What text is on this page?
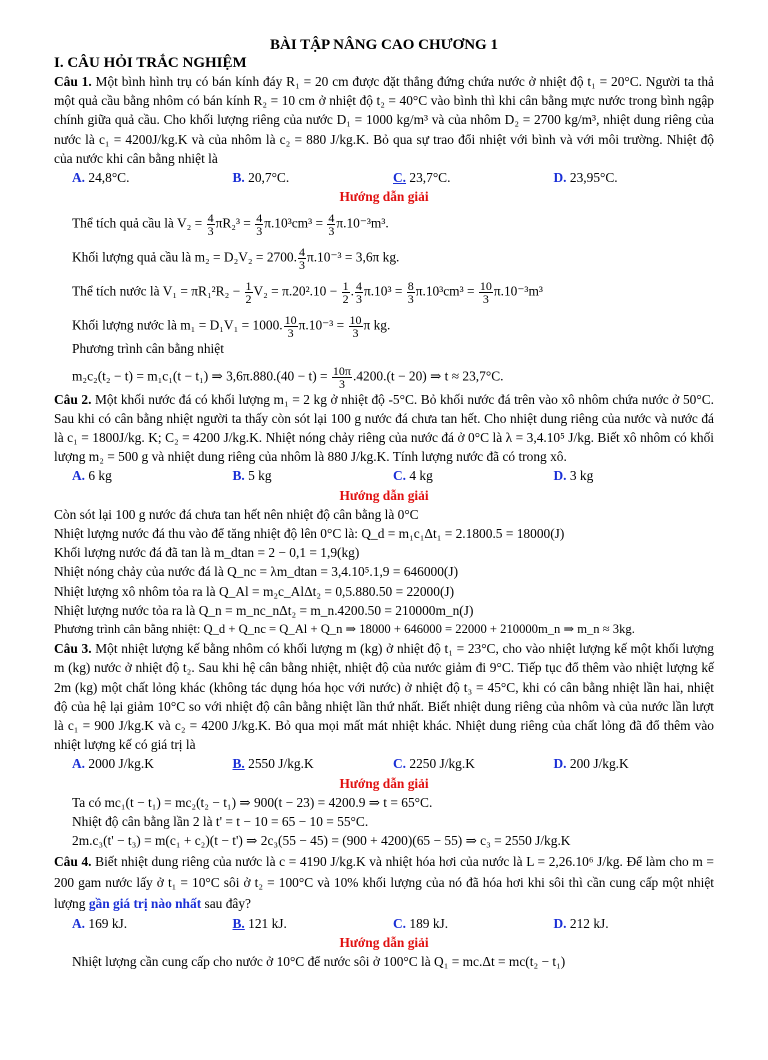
BÀI TẬP NÂNG CAO CHƯƠNG 1
I. CÂU HỎI TRẮC NGHIỆM
Câu 1. Một bình hình trụ có bán kính đáy R₁ = 20 cm được đặt thẳng đứng chứa nước ở nhiệt độ t₁ = 20°C. Người ta thả một quả cầu bằng nhôm có bán kính R₂ = 10 cm ở nhiệt độ t₂ = 40°C vào bình thì khi cân bằng mực nước trong bình ngập chính giữa quả cầu. Cho khối lượng riêng của nước D₁ = 1000 kg/m³ và của nhôm D₂ = 2700 kg/m³, nhiệt dung riêng của nước là c₁ = 4200J/kg.K và của nhôm là c₂ = 880 J/kg.K. Bỏ qua sự trao đổi nhiệt với bình và với môi trường. Nhiệt độ của nước khi cân bằng nhiệt là
A. 24,8°C.	B. 20,7°C.	C. 23,7°C.	D. 23,95°C.
Hướng dẫn giải
Thể tích quả cầu là $V_2 = \frac{4}{3} \pi R_2^3 = \frac{4}{3} \pi.10^3cm^3 = \frac{4}{3} \pi.10^{-3}m^3$.
Khối lượng quả cầu là m₂ = D₂V₂ = 2700. $\frac{4}{3} \pi.10^{-3} = 3,6\pi$ kg.
Thể tích nước là $V_1 = \pi R_1^2R_2 - \frac{1}{2} V_2 = \pi.20^2.10 - \frac{1}{2}$ . $\frac{4}{3} \pi.10^3 = \frac{8}{3} \pi.10^3cm^3 = \frac{10}{3} \pi.10^{-3}m^3$
Khối lượng nước là m₁ = D₁V₁ = 1000. $\frac{10}{3} \pi.10^{-3} = \frac{10}{3}$ π kg.
Phương trình cân bằng nhiệt
m₂c₂(t₂ − t) = m₁c₁(t − t₁) ⇒ $3,6\pi.880.(40 - t) = \frac{10\pi}{3} .4200.(t - 20)$ ⇒ t ≈ 23,7°C.
Câu 2. Một khối nước đá có khối lượng m₁ = 2 kg ở nhiệt độ -5°C. Bỏ khối nước đá trên vào xô nhôm chứa nước ở 50°C. Sau khi có cân bằng nhiệt người ta thấy còn sót lại 100 g nước đá chưa tan hết. Cho nhiệt dung riêng của nước và nước đá là c₁ = 1800J/kg. K; C₂ = 4200 J/kg.K. Nhiệt nóng chảy riêng của nước đá ở 0°C là λ = 3,4.10⁵ J/kg. Biết xô nhôm có khối lượng m₂ = 500 g và nhiệt dung riêng của nhôm là 880 J/kg.K. Tính lượng nước đã có trong xô.
A. 6 kg	B. 5 kg	C. 4 kg	D. 3 kg
Hướng dẫn giải
Còn sót lại 100 g nước đá chưa tan hết nên nhiệt độ cân bằng là 0°C
Nhiệt lượng nước đá thu vào để tăng nhiệt độ lên 0°C là: Q_d = m₁c₁Δt₁ = 2.1800.5 = 18000(J)
Khối lượng nước đá đã tan là m_dtan = 2 − 0,1 = 1,9(kg)
Nhiệt nóng chảy của nước đá là Q_nc = λm_dtan = 3,4.10⁵.1,9 = 646000(J)
Nhiệt lượng xô nhôm tỏa ra là Q_Al = m₂c_AlΔt₂ = 0,5.880.50 = 22000(J)
Nhiệt lượng nước tỏa ra là Q_n = m_nc_nΔt₂ = m_n.4200.50 = 210000m_n(J)
Phương trình cân bằng nhiệt: Q_d + Q_nc = Q_Al + Q_n ⇒ 18000 + 646000 = 22000 + 210000m_n ⇒ m_n ≈ 3kg.
Câu 3. Một nhiệt lượng kế bằng nhôm có khối lượng m (kg) ở nhiệt độ t₁ = 23°C, cho vào nhiệt lượng kế một khối lượng m (kg) nước ở nhiệt độ t₂. Sau khi hệ cân bằng nhiệt, nhiệt độ của nước giảm đi 9°C. Tiếp tục đổ thêm vào nhiệt lượng kế 2m (kg) một chất lỏng khác (không tác dụng hóa học với nước) ở nhiệt độ t₃ = 45°C, khi có cân bằng nhiệt lần hai, nhiệt độ của hệ lại giảm 10°C so với nhiệt độ cân bằng nhiệt lần thứ nhất. Biết nhiệt dung riêng của nhôm và của nước lần lượt là c₁ = 900 J/kg.K và c₂ = 4200 J/kg.K. Bỏ qua mọi mất mát nhiệt khác. Nhiệt dung riêng của chất lỏng đã đổ thêm vào nhiệt lượng kế có giá trị là
A. 2000 J/kg.K	B. 2550 J/kg.K	C. 2250 J/kg.K	D. 200 J/kg.K
Hướng dẫn giải
Ta có mc₁(t − t₁) = mc₂(t₂ − t₁) ⇒ 900(t − 23) = 4200.9 ⇒ t = 65°C.
Nhiệt độ cân bằng lần 2 là t' = t − 10 = 65 − 10 = 55°C.
2m.c₃(t' − t₃) = m(c₁ + c₂)(t − t') ⇒ 2c₃(55 − 45) = (900 + 4200)(65 − 55) ⇒ c₃ = 2550 J/kg.K
Câu 4. Biết nhiệt dung riêng của nước là c = 4190 J/kg.K và nhiệt hóa hơi của nước là L = 2,26.10⁶ J/kg. Để làm cho m = 200 gam nước lấy ở t₁ = 10°C sôi ở t₂ = 100°C và 10% khối lượng của nó đã hóa hơi khi sôi thì cần cung cấp một nhiệt lượng gần giá trị nào nhất sau đây?
A. 169 kJ.	B. 121 kJ.	C. 189 kJ.	D. 212 kJ.
Hướng dẫn giải
Nhiệt lượng cần cung cấp cho nước ở 10°C để nước sôi ở 100°C là Q₁ = mc.Δt = mc(t₂ − t₁)
